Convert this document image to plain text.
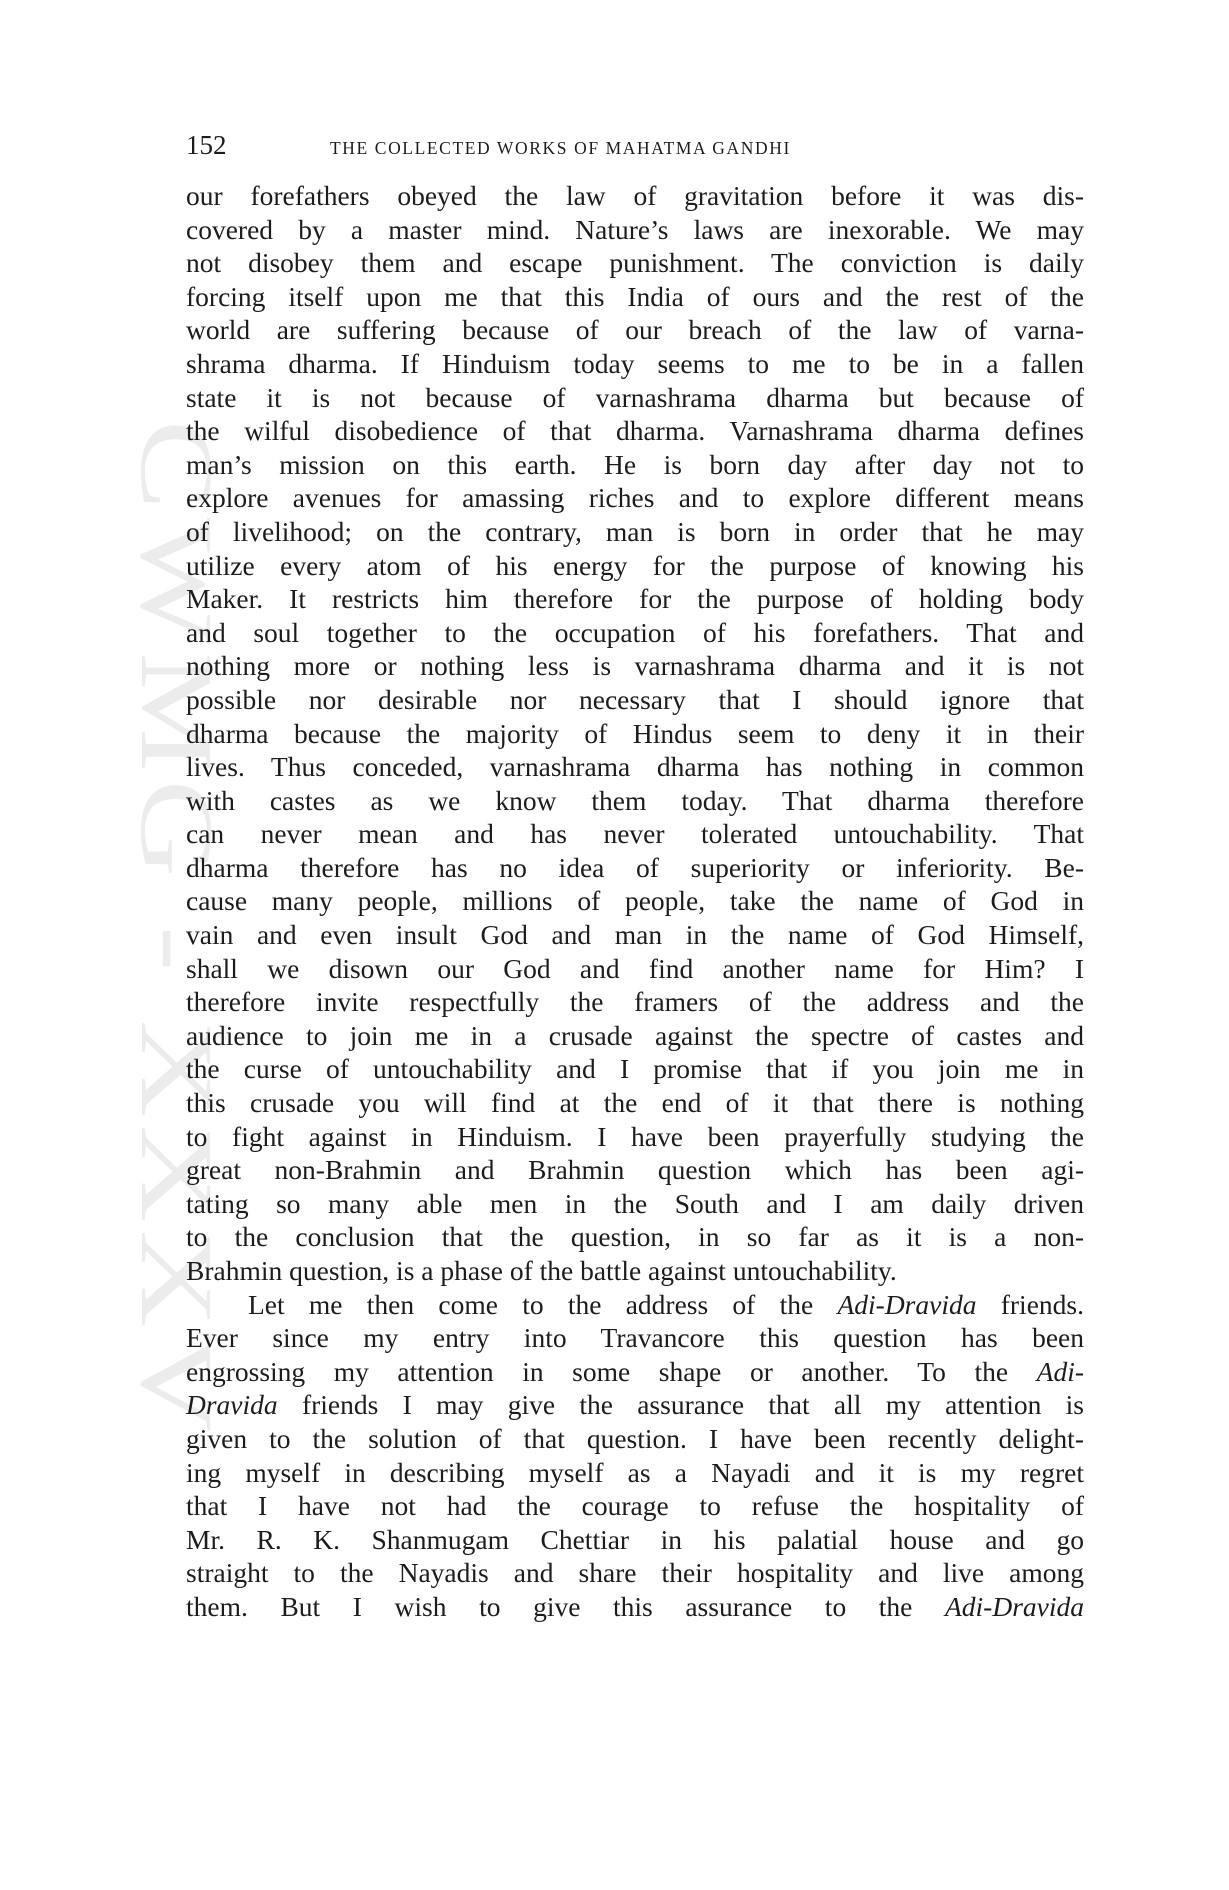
CWMG - XXXV
152	THE COLLECTED WORKS OF MAHATMA GANDHI
our forefathers obeyed the law of gravitation before it was dis-
covered by a master mind. Nature’s laws are inexorable. We may
not disobey them and escape punishment. The conviction is daily
forcing itself upon me that this India of ours and the rest of the
world are suffering because of our breach of the law of varna-
shrama dharma. If Hinduism today seems to me to be in a fallen
state it is not because of varnashrama dharma but because of
the wilful disobedience of that dharma. Varnashrama dharma defines
man’s mission on this earth. He is born day after day not to
explore avenues for amassing riches and to explore different means
of livelihood; on the contrary, man is born in order that he may
utilize every atom of his energy for the purpose of knowing his
Maker. It restricts him therefore for the purpose of holding body
and soul together to the occupation of his forefathers. That and
nothing more or nothing less is varnashrama dharma and it is not
possible nor desirable nor necessary that I should ignore that
dharma because the majority of Hindus seem to deny it in their
lives. Thus conceded, varnashrama dharma has nothing in common
with castes as we know them today. That dharma therefore
can never mean and has never tolerated untouchability. That
dharma therefore has no idea of superiority or inferiority. Be-
cause many people, millions of people, take the name of God in
vain and even insult God and man in the name of God Himself,
shall we disown our God and find another name for Him? I
therefore invite respectfully the framers of the address and the
audience to join me in a crusade against the spectre of castes and
the curse of untouchability and I promise that if you join me in
this crusade you will find at the end of it that there is nothing
to fight against in Hinduism. I have been prayerfully studying the
great non-Brahmin and Brahmin question which has been agi-
tating so many able men in the South and I am daily driven
to the conclusion that the question, in so far as it is a non-
Brahmin question, is a phase of the battle against untouchability.
Let me then come to the address of the Adi-Dravida friends.
Ever since my entry into Travancore this question has been
engrossing my attention in some shape or another. To the Adi-
Dravida friends I may give the assurance that all my attention is
given to the solution of that question. I have been recently delight-
ing myself in describing myself as a Nayadi and it is my regret
that I have not had the courage to refuse the hospitality of
Mr. R. K. Shanmugam Chettiar in his palatial house and go
straight to the Nayadis and share their hospitality and live among
them. But I wish to give this assurance to the Adi-Dravida
